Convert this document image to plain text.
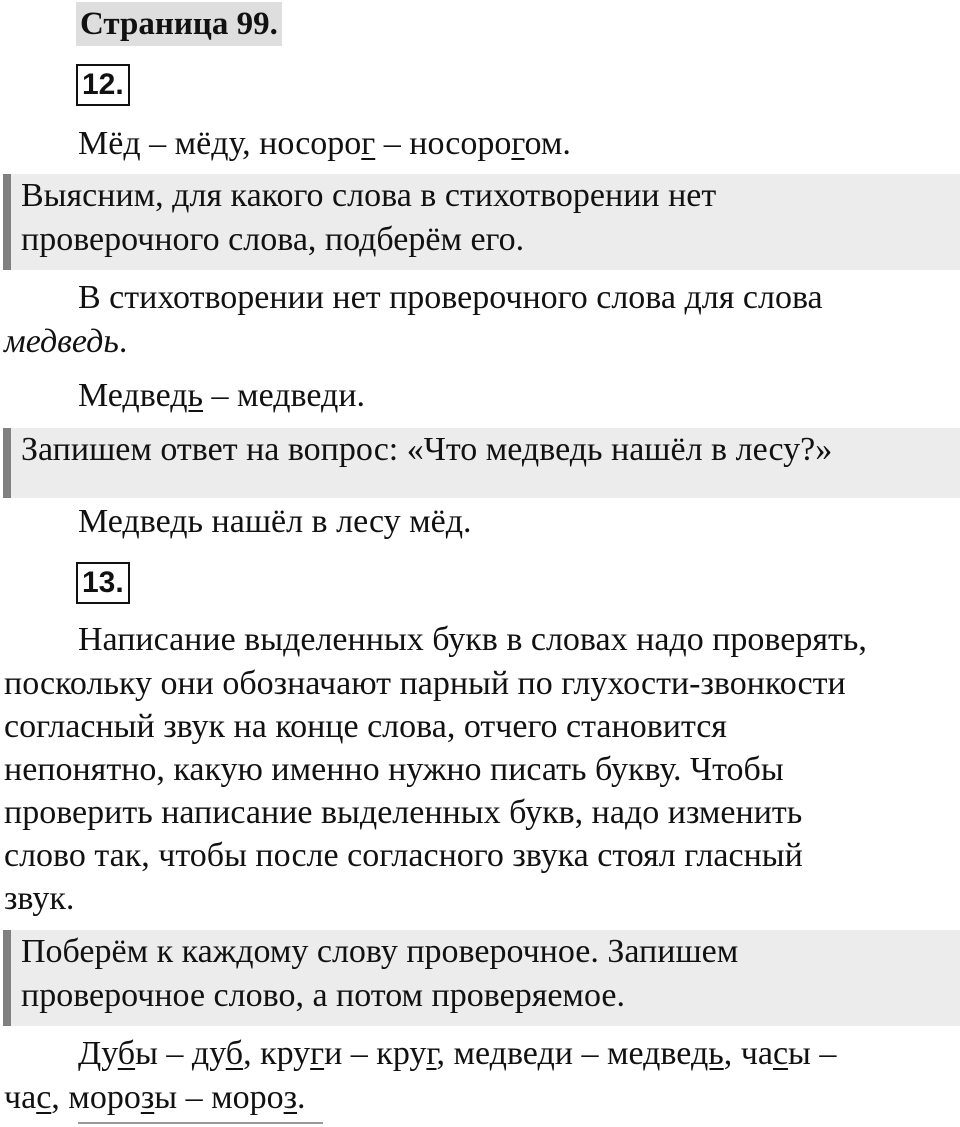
Страница 99.
12.
Мёд – мёду, носорог – носорогом.
Выясним, для какого слова в стихотворении нет
проверочного слова, подберём его.
В стихотворении нет проверочного слова для слова
медведь.
Медведь – медведи.
Запишем ответ на вопрос: «Что медведь нашёл в лесу?»
Медведь нашёл в лесу мёд.
13.
Написание выделенных букв в словах надо проверять,
поскольку они обозначают парный по глухости-звонкости
согласный звук на конце слова, отчего становится
непонятно, какую именно нужно писать букву. Чтобы
проверить написание выделенных букв, надо изменить
слово так, чтобы после согласного звука стоял гласный
звук.
Поберём к каждому слову проверочное. Запишем
проверочное слово, а потом проверяемое.
Дубы – дуб, круги – круг, медведи – медведь, часы –
час, морозы – мороз.
